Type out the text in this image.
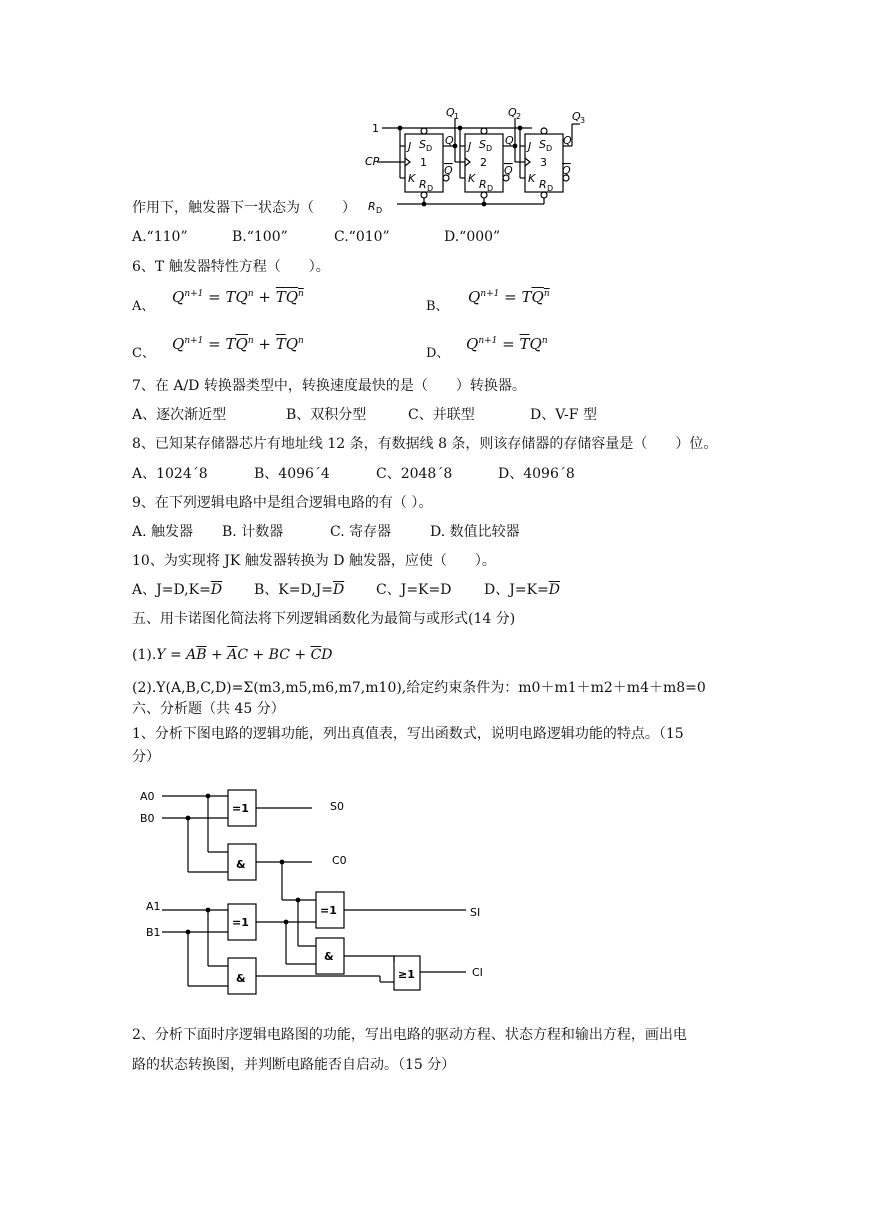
1
CP
R D
Q 1	Q 2	Q 3
1	2	3
J	J	J
K	K	K
S	S	S
D	D	D
R	R	R
D	D	D
Q	Q	Q
Q	Q	Q
作用下，触发器下一状态为（　　）
A.“110”	B.“100”	C.“010”	D.“000”
6、T 触发器特性方程（　　）。
A、
$Q^{n+1} = TQ^n + \overline{T}Q^n$
B、
$Q^{n+1} = TQ^n$
C、
$Q^{n+1} = T\overline{Q}^n + \overline{T}Q^n$
D、
$Q^{n+1} = \overline{T}Q^n$
7、在 A/D 转换器类型中，转换速度最快的是（　　）转换器。
A、逐次渐近型	B、双积分型	C、并联型	D、V-F 型
8、已知某存储器芯片有地址线 12 条，有数据线 8 条，则该存储器的存储容量是（　　）位。
A、1024´8	B、4096´4	C、2048´8	D、4096´8
9、在下列逻辑电路中是组合逻辑电路的有（ ）。
A. 触发器 B. 计数器	C. 寄存器	D. 数值比较器
10、为实现将 JK 触发器转换为 D 触发器，应使（　　）。
A、$J=D,K=\overline{D}$ B、$K=D,J=\overline{D}$ C、J=K=D D、$J=K=\overline{D}$
五、用卡诺图化简法将下列逻辑函数化为最简与或形式(14 分)
$(1).Y = A\overline{B} + \overline{A}C$ + BC + $\overline{C}D$
(2).Y(A,B,C,D)=Σ(m3,m5,m6,m7,m10),给定约束条件为：m0＋m1＋m2＋m4＋m8=0
六、分析题（共 45 分）
1、分析下图电路的逻辑功能，列出真值表，写出函数式，说明电路逻辑功能的特点。（15
分）
A0
B0
A1
B1
S0
C0
SI
CI
=1
&
=1
=1
&
&	≥1
2、分析下面时序逻辑电路图的功能，写出电路的驱动方程、状态方程和输出方程，画出电
路的状态转换图，并判断电路能否自启动。（15 分）
